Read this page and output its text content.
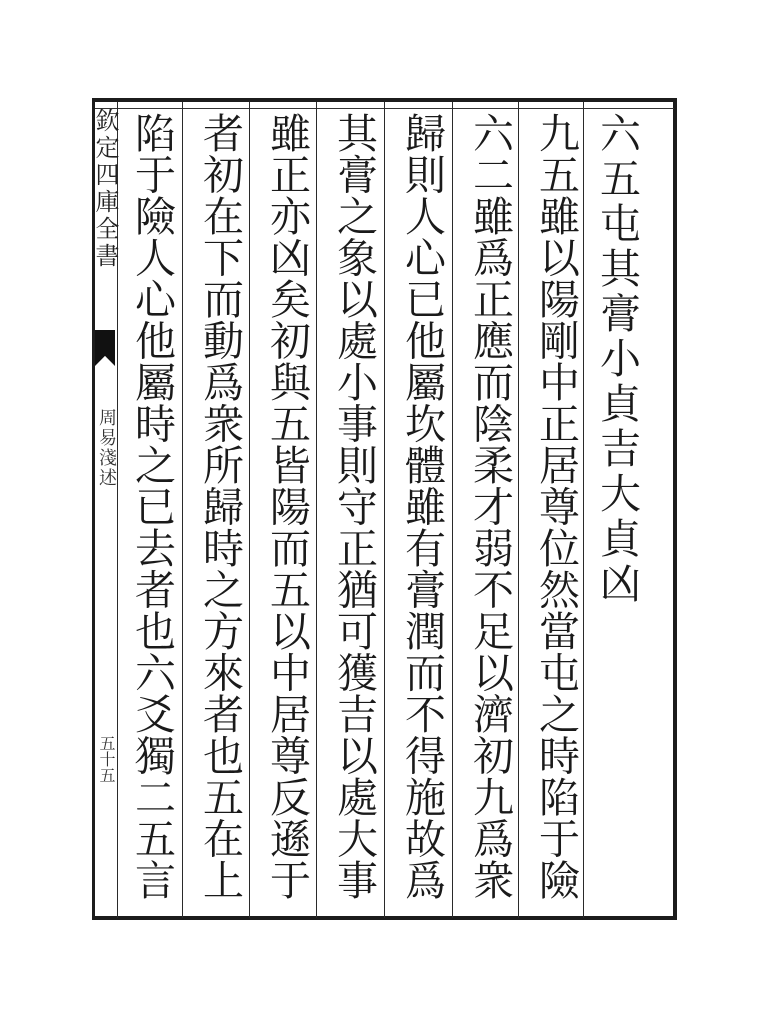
欽定四庫全書
周易淺述
五十五
六五屯其膏小貞吉大貞凶
九五雖以陽剛中正居尊位然當屯之時陷于險
六二雖爲正應而陰柔才弱不足以濟初九爲衆
歸則人心已他屬坎體雖有膏潤而不得施故爲
其膏之象以處小事則守正猶可獲吉以處大事
雖正亦凶矣初與五皆陽而五以中居尊反遜于
者初在下而動爲衆所歸時之方來者也五在上
陷于險人心他屬時之已去者也六爻獨二五言
